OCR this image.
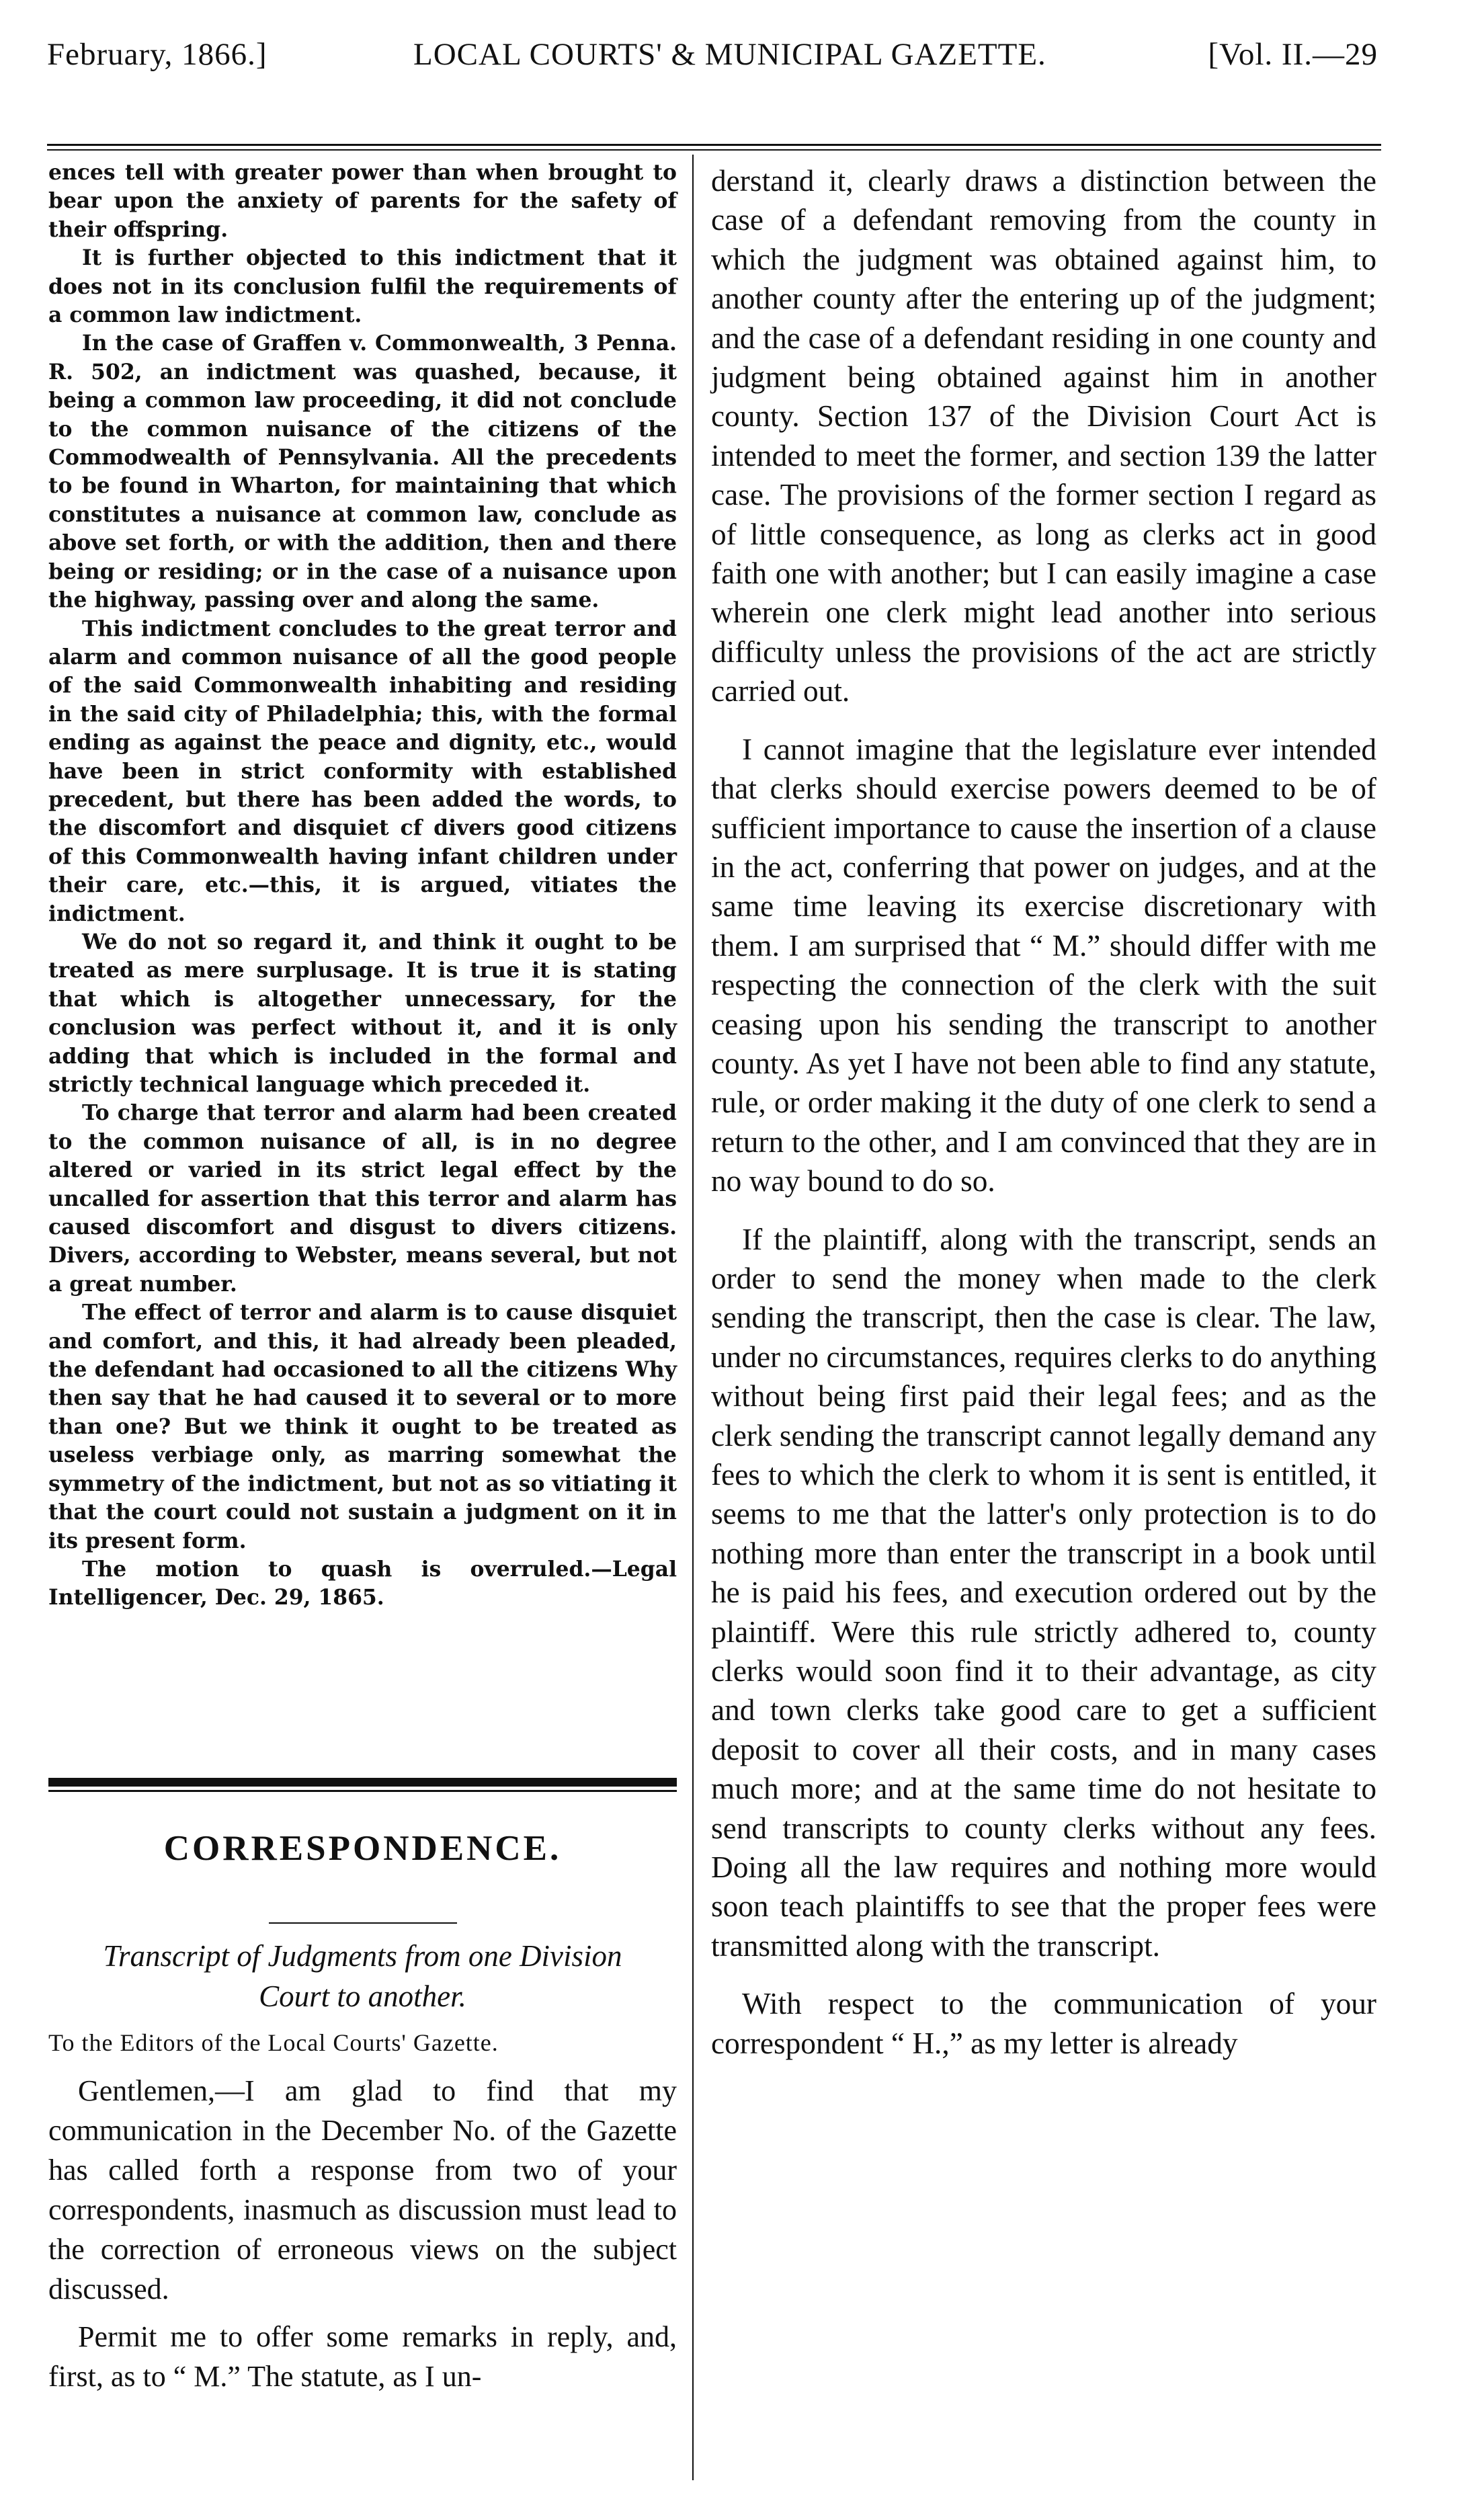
February, 1866.]	LOCAL COURTS' & MUNICIPAL GAZETTE.	[Vol. II.—29

ences tell with greater power than when brought to bear upon the anxiety of parents for the safety of their offspring.

It is further objected to this indictment that it does not in its conclusion fulfil the requirements of a common law indictment.

In the case of Graffen v. Commonwealth, 3 Penna. R. 502, an indictment was quashed, because, it being a common law proceeding, it did not conclude to the common nuisance of the citizens of the Commodwealth of Pennsylvania. All the precedents to be found in Wharton, for maintaining that which constitutes a nuisance at common law, conclude as above set forth, or with the addition, then and there being or residing; or in the case of a nuisance upon the highway, passing over and along the same.

This indictment concludes to the great terror and alarm and common nuisance of all the good people of the said Commonwealth inhabiting and residing in the said city of Philadelphia; this, with the formal ending as against the peace and dignity, etc., would have been in strict conformity with established precedent, but there has been added the words, to the discomfort and disquiet cf divers good citizens of this Commonwealth having infant children under their care, etc.—this, it is argued, vitiates the indictment.

We do not so regard it, and think it ought to be treated as mere surplusage. It is true it is stating that which is altogether unnecessary, for the conclusion was perfect without it, and it is only adding that which is included in the formal and strictly technical language which preceded it.

To charge that terror and alarm had been created to the common nuisance of all, is in no degree altered or varied in its strict legal effect by the uncalled for assertion that this terror and alarm has caused discomfort and disgust to divers citizens. Divers, according to Webster, means several, but not a great number.

The effect of terror and alarm is to cause disquiet and comfort, and this, it had already been pleaded, the defendant had occasioned to all the citizens Why then say that he had caused it to several or to more than one? But we think it ought to be treated as useless verbiage only, as marring somewhat the symmetry of the indictment, but not as so vitiating it that the court could not sustain a judgment on it in its present form.

The motion to quash is overruled.—Legal Intelligencer, Dec. 29, 1865.

CORRESPONDENCE.
Transcript of Judgments from one Division
Court to another.

To the Editors of the Local Courts' Gazette.

Gentlemen,—I am glad to find that my communication in the December No. of the Gazette has called forth a response from two of your correspondents, inasmuch as discussion must lead to the correction of erroneous views on the subject discussed.

Permit me to offer some remarks in reply, and, first, as to “ M.” The statute, as I un-

derstand it, clearly draws a distinction between the case of a defendant removing from the county in which the judgment was obtained against him, to another county after the entering up of the judgment; and the case of a defendant residing in one county and judgment being obtained against him in another county. Section 137 of the Division Court Act is intended to meet the former, and section 139 the latter case. The provisions of the former section I regard as of little consequence, as long as clerks act in good faith one with another; but I can easily imagine a case wherein one clerk might lead another into serious difficulty unless the provisions of the act are strictly carried out.

I cannot imagine that the legislature ever intended that clerks should exercise powers deemed to be of sufficient importance to cause the insertion of a clause in the act, conferring that power on judges, and at the same time leaving its exercise discretionary with them. I am surprised that “ M.” should differ with me respecting the connection of the clerk with the suit ceasing upon his sending the transcript to another county. As yet I have not been able to find any statute, rule, or order making it the duty of one clerk to send a return to the other, and I am convinced that they are in no way bound to do so.

If the plaintiff, along with the transcript, sends an order to send the money when made to the clerk sending the transcript, then the case is clear. The law, under no circumstances, requires clerks to do anything without being first paid their legal fees; and as the clerk sending the transcript cannot legally demand any fees to which the clerk to whom it is sent is entitled, it seems to me that the latter's only protection is to do nothing more than enter the transcript in a book until he is paid his fees, and execution ordered out by the plaintiff. Were this rule strictly adhered to, county clerks would soon find it to their advantage, as city and town clerks take good care to get a sufficient deposit to cover all their costs, and in many cases much more; and at the same time do not hesitate to send transcripts to county clerks without any fees. Doing all the law requires and nothing more would soon teach plaintiffs to see that the proper fees were transmitted along with the transcript.

With respect to the communication of your correspondent “ H.,” as my letter is already
